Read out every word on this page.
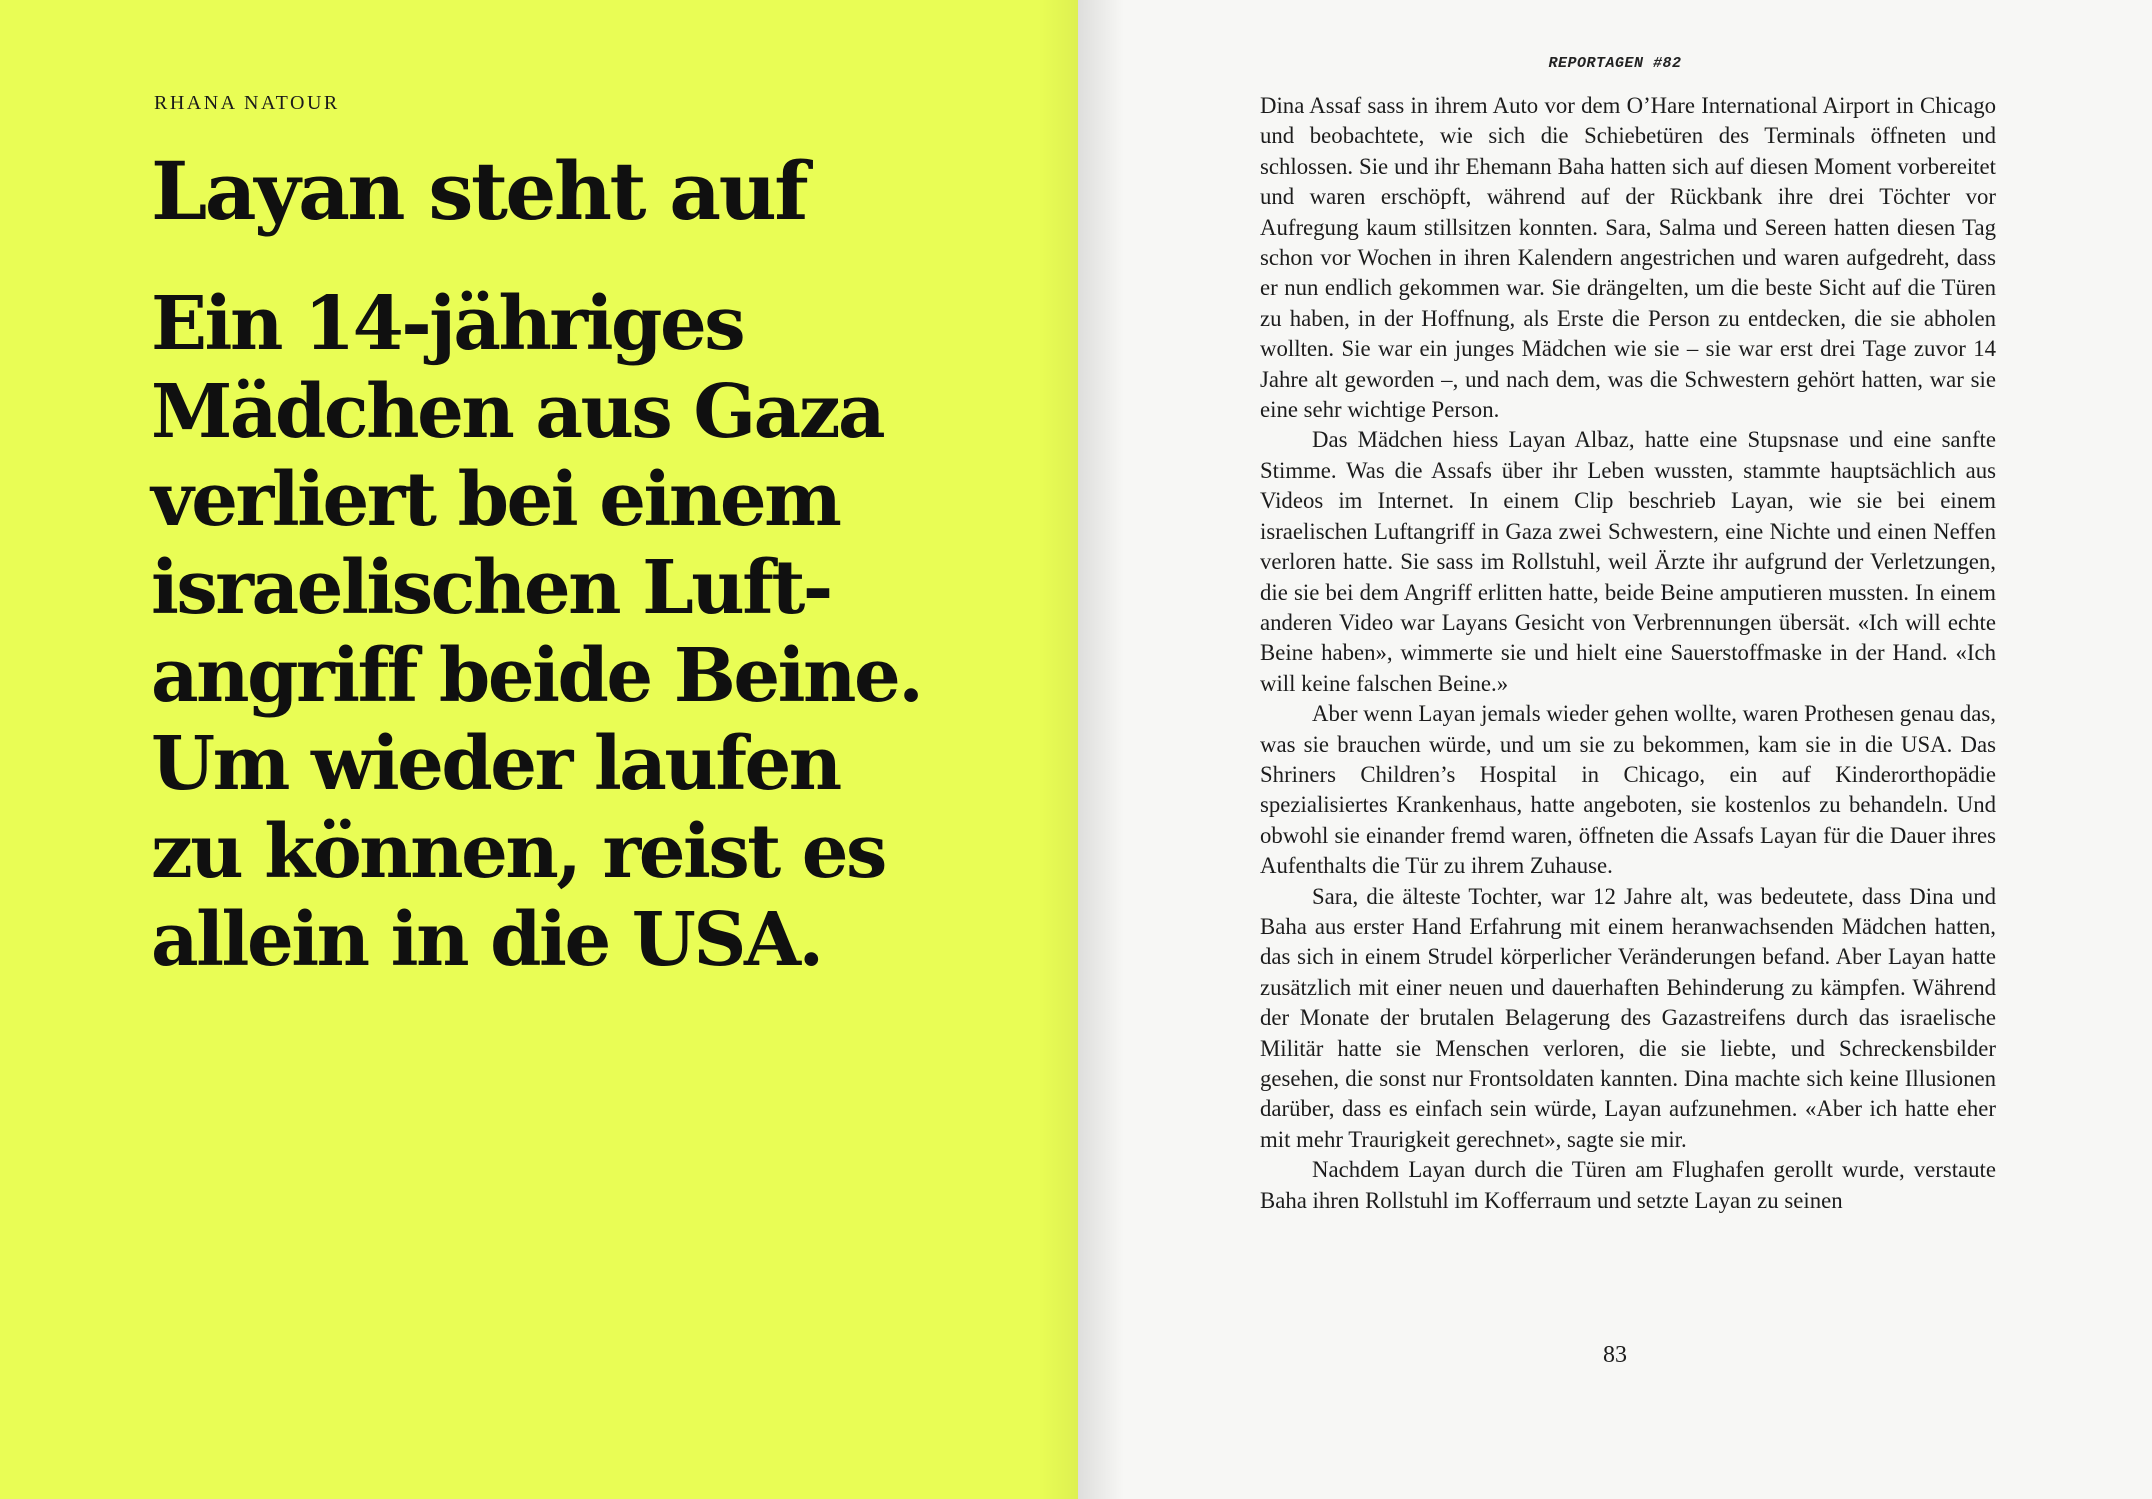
RHANA NATOUR

Layan steht auf
Ein 14-jähriges
Mädchen aus Gaza
verliert bei einem
israelischen Luft-
angriff beide Beine.
Um wieder laufen
zu können, reist es
allein in die USA.

REPORTAGEN #82

Dina Assaf sass in ihrem Auto vor dem O’Hare International Airport in Chicago und beobachtete, wie sich die Schiebetüren des Terminals öffneten und schlossen. Sie und ihr Ehemann Baha hatten sich auf diesen Moment vorbereitet und waren erschöpft, während auf der Rückbank ihre drei Töchter vor Aufregung kaum stillsitzen konnten. Sara, Salma und Sereen hatten diesen Tag schon vor Wochen in ihren Kalendern angestrichen und waren aufgedreht, dass er nun endlich gekommen war. Sie drängelten, um die beste Sicht auf die Türen zu haben, in der Hoffnung, als Erste die Person zu entdecken, die sie abholen wollten. Sie war ein junges Mädchen wie sie – sie war erst drei Tage zuvor 14 Jahre alt geworden –, und nach dem, was die Schwestern gehört hatten, war sie eine sehr wichtige Person.

Das Mädchen hiess Layan Albaz, hatte eine Stupsnase und eine sanfte Stimme. Was die Assafs über ihr Leben wussten, stammte hauptsächlich aus Videos im Internet. In einem Clip beschrieb Layan, wie sie bei einem israelischen Luftangriff in Gaza zwei Schwestern, eine Nichte und einen Neffen verloren hatte. Sie sass im Rollstuhl, weil Ärzte ihr aufgrund der Verletzungen, die sie bei dem Angriff erlitten hatte, beide Beine amputieren mussten. In einem anderen Video war Layans Gesicht von Verbrennungen übersät. «Ich will echte Beine haben», wimmerte sie und hielt eine Sauerstoffmaske in der Hand. «Ich will keine falschen Beine.»

Aber wenn Layan jemals wieder gehen wollte, waren Prothesen genau das, was sie brauchen würde, und um sie zu bekommen, kam sie in die USA. Das Shriners Children’s Hospital in Chicago, ein auf Kinderorthopädie spezialisiertes Krankenhaus, hatte angeboten, sie kostenlos zu behandeln. Und obwohl sie einander fremd waren, öffneten die Assafs Layan für die Dauer ihres Aufenthalts die Tür zu ihrem Zuhause.

Sara, die älteste Tochter, war 12 Jahre alt, was bedeutete, dass Dina und Baha aus erster Hand Erfahrung mit einem heranwachsenden Mädchen hatten, das sich in einem Strudel körperlicher Veränderungen befand. Aber Layan hatte zusätzlich mit einer neuen und dauerhaften Behinderung zu kämpfen. Während der Monate der brutalen Belagerung des Gazastreifens durch das israelische Militär hatte sie Menschen verloren, die sie liebte, und Schreckensbilder gesehen, die sonst nur Frontsoldaten kannten. Dina machte sich keine Illusionen darüber, dass es einfach sein würde, Layan aufzunehmen. «Aber ich hatte eher mit mehr Traurigkeit gerechnet», sagte sie mir.

Nachdem Layan durch die Türen am Flughafen gerollt wurde, verstaute Baha ihren Rollstuhl im Kofferraum und setzte Layan zu seinen

83
